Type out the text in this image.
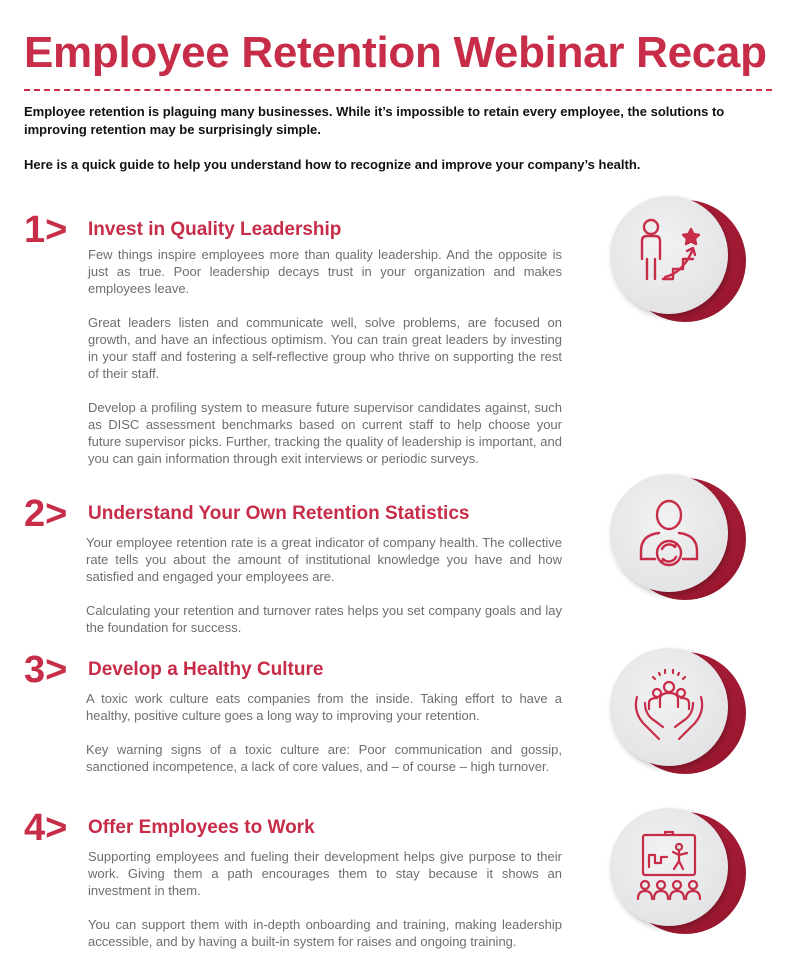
Employee Retention Webinar Recap

Employee retention is plaguing many businesses. While it’s impossible to retain every employee, the solutions to improving retention may be surprisingly simple.

Here is a quick guide to help you understand how to recognize and improve your company’s health.

1> Invest in Quality Leadership

Few things inspire employees more than quality leadership. And the opposite is just as true. Poor leadership decays trust in your organization and makes employees leave.

Great leaders listen and communicate well, solve problems, are focused on growth, and have an infectious optimism. You can train great leaders by investing in your staff and fostering a self-reflective group who thrive on supporting the rest of their staff.

Develop a profiling system to measure future supervisor candidates against, such as DISC assessment benchmarks based on current staff to help choose your future supervisor picks. Further, tracking the quality of leadership is important, and you can gain information through exit interviews or periodic surveys.

2> Understand Your Own Retention Statistics

Your employee retention rate is a great indicator of company health. The collective rate tells you about the amount of institutional knowledge you have and how satisfied and engaged your employees are.

Calculating your retention and turnover rates helps you set company goals and lay the foundation for success.

3> Develop a Healthy Culture

A toxic work culture eats companies from the inside. Taking effort to have a healthy, positive culture goes a long way to improving your retention.

Key warning signs of a toxic culture are: Poor communication and gossip, sanctioned incompetence, a lack of core values, and – of course – high turnover.

4> Offer Employees to Work

Supporting employees and fueling their development helps give purpose to their work. Giving them a path encourages them to stay because it shows an investment in them.

You can support them with in-depth onboarding and training, making leadership accessible, and by having a built-in system for raises and ongoing training.
